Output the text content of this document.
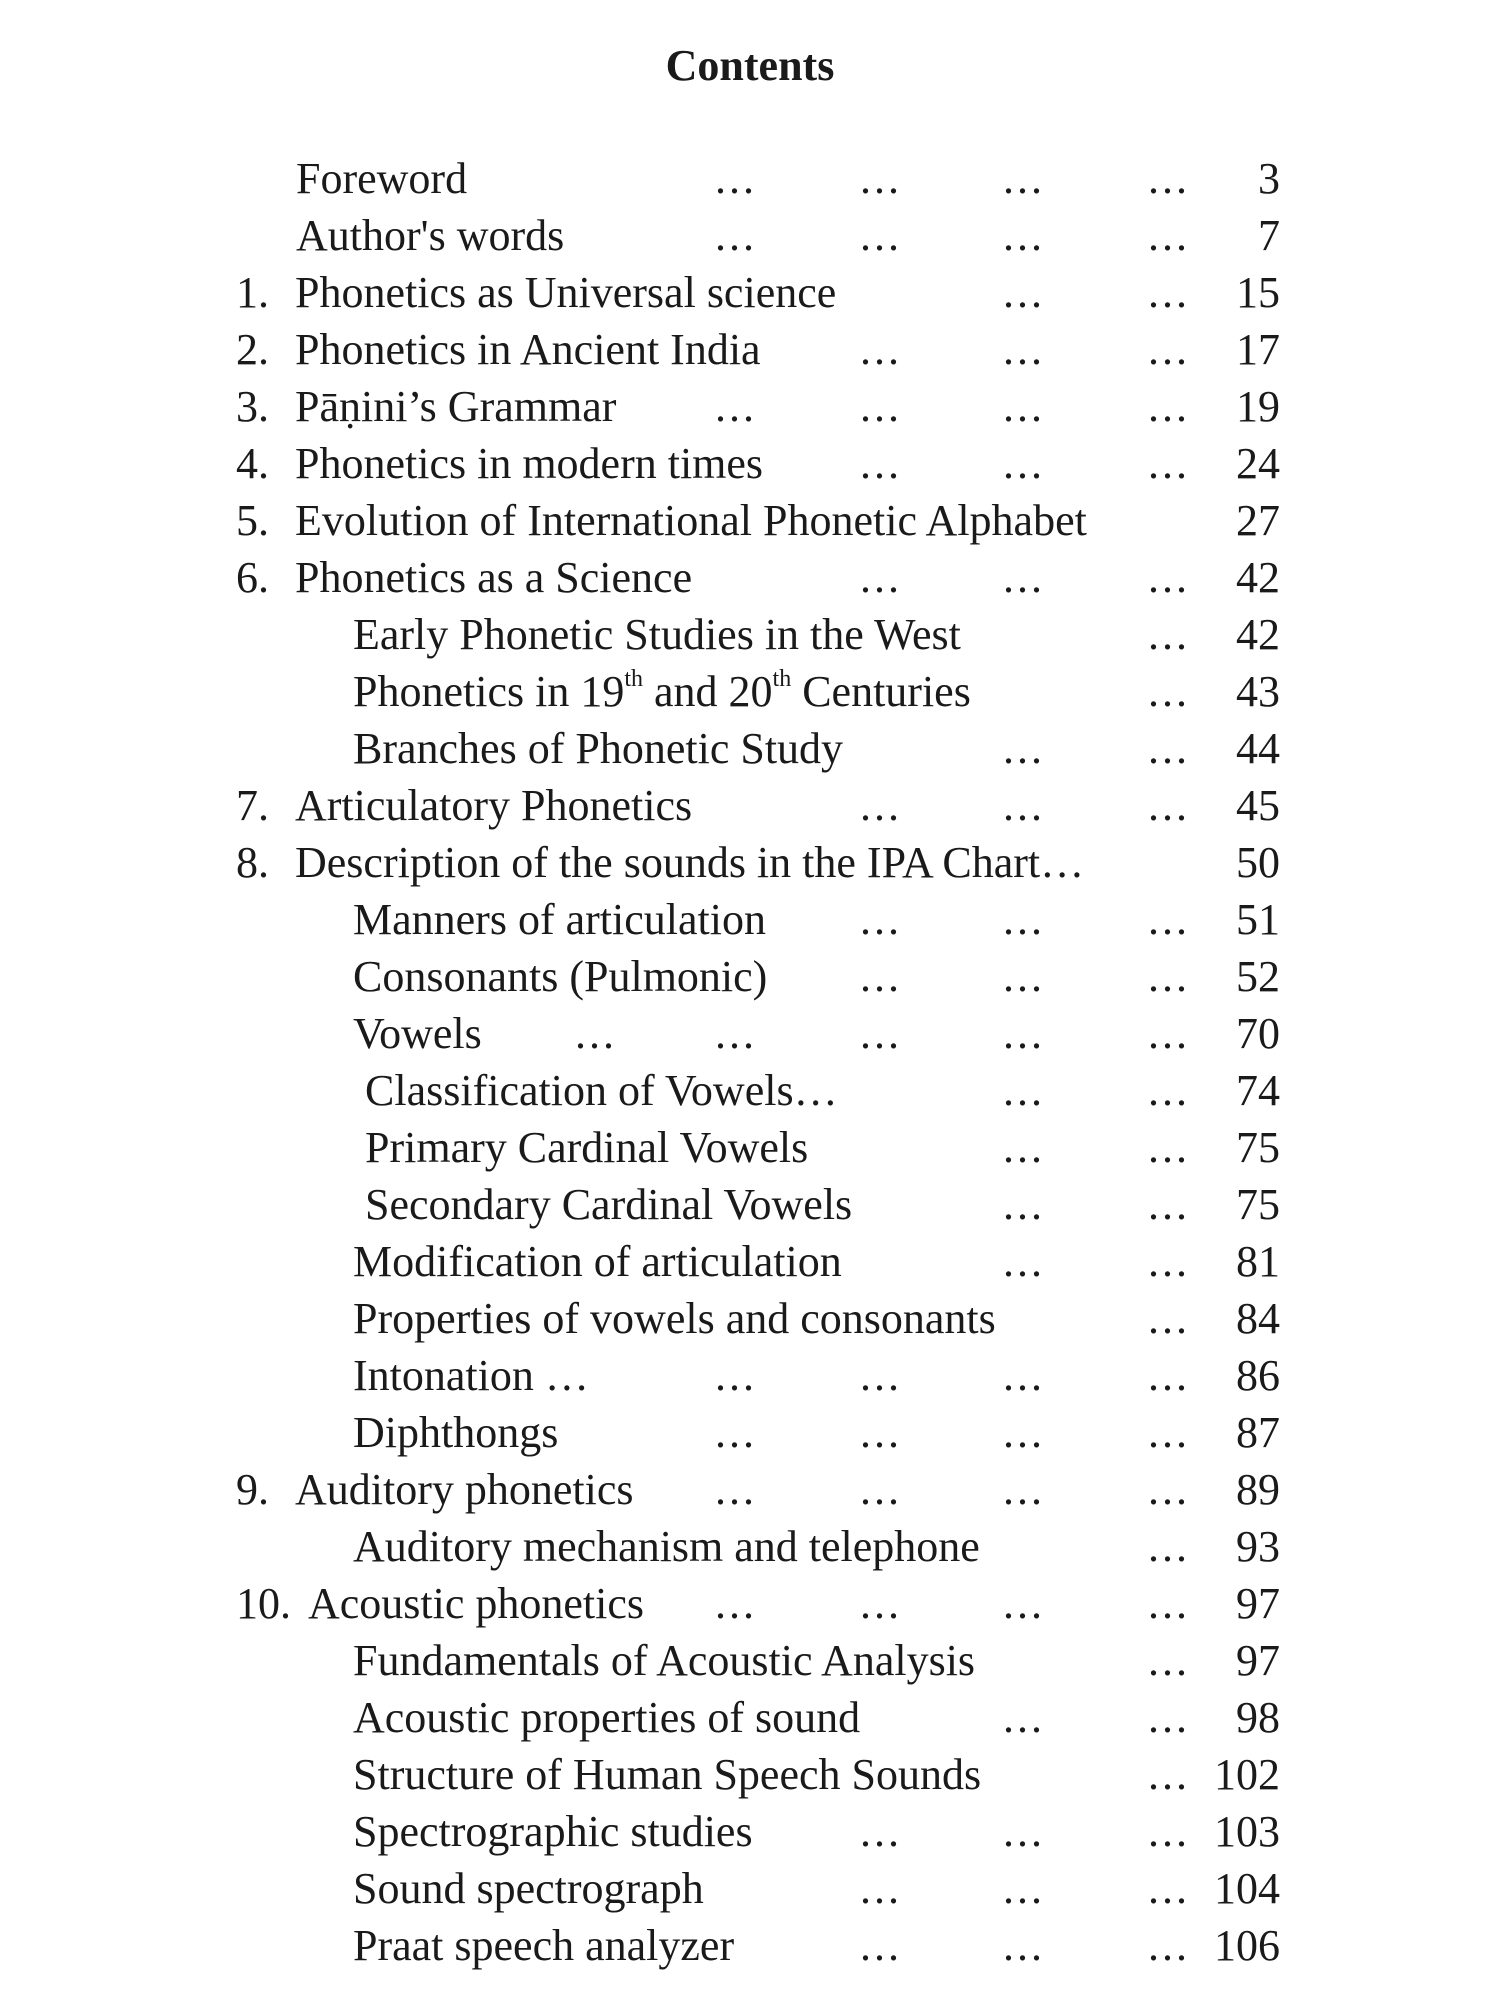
Contents
Foreword	... ... ... ... 3
Author's words	... ... ... ... 7
1. Phonetics as Universal science	... ... 15
2. Phonetics in Ancient India ... ... ... 17
3. Pāṇini’s Grammar ... ... ... ... 19
4. Phonetics in modern times ... ... ... 24
5. Evolution of International Phonetic Alphabet	27
6. Phonetics as a Science	... ... ... 42
Early Phonetic Studies in the West	... 42
Phonetics in 19th and 20th Centuries	... 43
Branches of Phonetic Study	... ... 44
7. Articulatory Phonetics	... ... ... 45
8. Description of the sounds in the IPA Chart…	50
Manners of articulation ... ... ... 51
Consonants (Pulmonic) ... ... ... 52
Vowels ... ... ... ... ... 70
Classification of Vowels…	... ... 74
Primary Cardinal Vowels	... ... 75
Secondary Cardinal Vowels	... ... 75
Modification of articulation	... ... 81
Properties of vowels and consonants	... 84
Intonation …	... ... ... ... 86
Diphthongs	... ... ... ... 87
9. Auditory phonetics ... ... ... ... 89
Auditory mechanism and telephone	... 93
10. Acoustic phonetics ... ... ... ... 97
Fundamentals of Acoustic Analysis	... 97
Acoustic properties of sound	... ... 98
Structure of Human Speech Sounds	... 102
Spectrographic studies ... ... ... 103
Sound spectrograph	... ... ... 104
Praat speech analyzer	... ... ... 106
